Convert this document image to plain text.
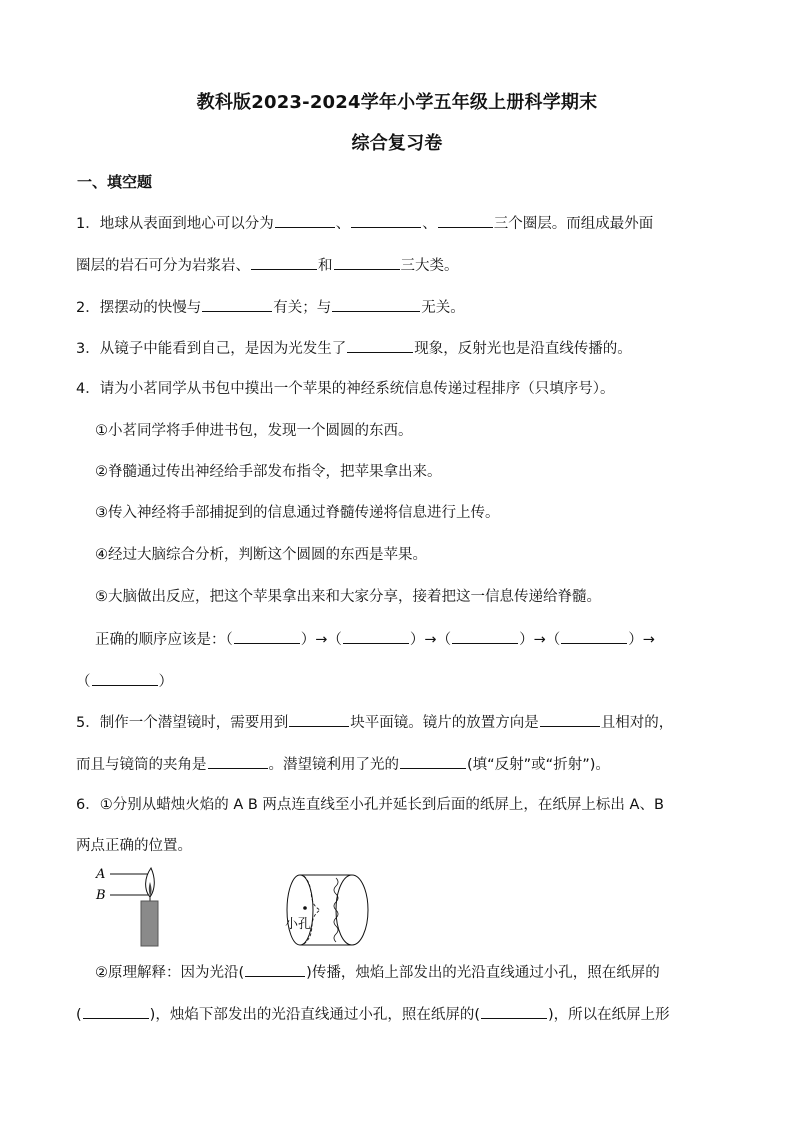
教科版2023-2024学年小学五年级上册科学期末
综合复习卷
一、填空题
1．地球从表面到地心可以分为	、	、	三个圈层。而组成最外面
圈层的岩石可分为岩浆岩、	和	三大类。
2．摆摆动的快慢与	有关；与	无关。
3．从镜子中能看到自己，是因为光发生了	现象，反射光也是沿直线传播的。
4．请为小茗同学从书包中摸出一个苹果的神经系统信息传递过程排序（只填序号）。
①小茗同学将手伸进书包，发现一个圆圆的东西。
②脊髓通过传出神经给手部发布指令，把苹果拿出来。
③传入神经将手部捕捉到的信息通过脊髓传递将信息进行上传。
④经过大脑综合分析，判断这个圆圆的东西是苹果。
⑤大脑做出反应，把这个苹果拿出来和大家分享，接着把这一信息传递给脊髓。
正确的顺序应该是：（	）→（	）→（	）→（	）→
（	）
5．制作一个潜望镜时，需要用到	块平面镜。镜片的放置方向是	且相对的，
而且与镜筒的夹角是	。潜望镜利用了光的	(填“反射”或“折射”)。
6．①分别从蜡烛火焰的 A B 两点连直线至小孔并延长到后面的纸屏上，在纸屏上标出 A、B
两点正确的位置。
A
B
小孔
②原理解释：因为光沿(	)传播，烛焰上部发出的光沿直线通过小孔，照在纸屏的
(	)，烛焰下部发出的光沿直线通过小孔，照在纸屏的(	)，所以在纸屏上形
